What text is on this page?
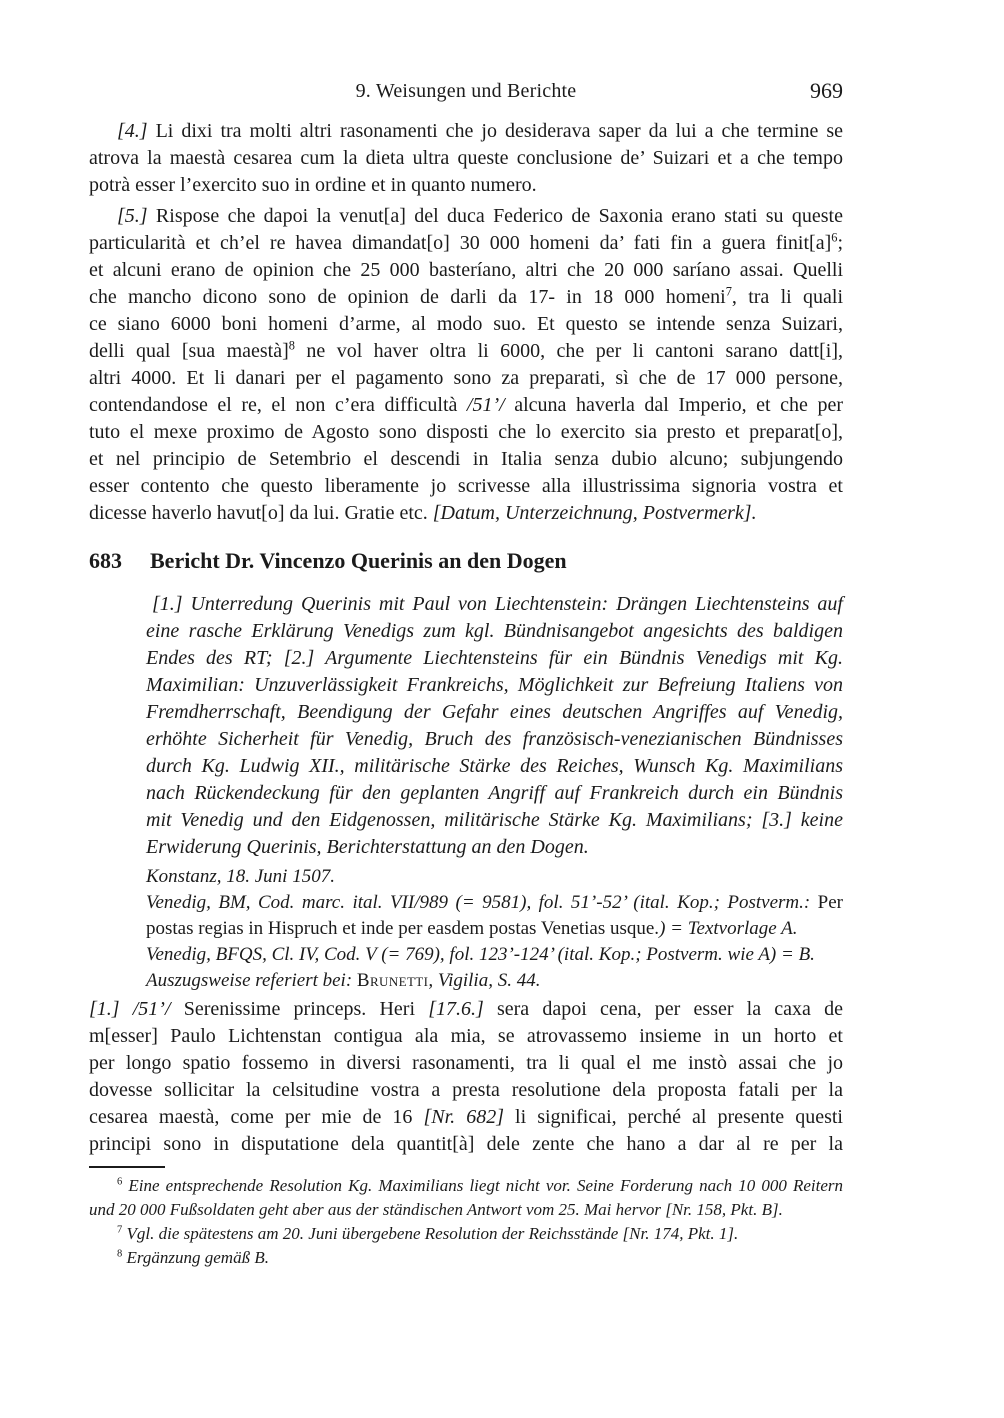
9. Weisungen und Berichte	969
[4.] Li dixi tra molti altri rasonamenti che jo desiderava saper da lui a che termine se
atrova la maestà cesarea cum la dieta ultra queste conclusione de’ Suizari et a che tempo
potrà esser l’exercito suo in ordine et in quanto numero.
[5.] Rispose che dapoi la venut[a] del duca Federico de Saxonia erano stati su queste
particularità et ch’el re havea dimandat[o] 30 000 homeni da’ fati fin a guera $finit[a]^6$;
et alcuni erano de opinion che 25 000 basteríano, altri che 20 000 saríano assai. Quelli
che mancho dicono sono de opinion de darli da 17- in 18 000 homeni$^7$, tra li quali
ce siano 6000 boni homeni d’arme, al modo suo. Et questo se intende senza Suizari,
delli qual [sua maestà]$^8$ ne vol haver oltra li 6000, che per li cantoni sarano datt[i],
altri 4000. Et li danari per el pagamento sono za preparati, sì che de 17 000 persone,
contendandose el re, el non c’era difficultà /51’/ alcuna haverla dal Imperio, et che per
tuto el mexe proximo de Agosto sono disposti che lo exercito sia presto et preparat[o],
et nel principio de Setembrio el descendi in Italia senza dubio alcuno; subjungendo
esser contento che questo liberamente jo scrivesse alla illustrissima signoria vostra et
dicesse haverlo havut[o] da lui. Gratie etc. [Datum, Unterzeichnung, Postvermerk].
683	Bericht Dr. Vincenzo Querinis an den Dogen
[1.] Unterredung Querinis mit Paul von Liechtenstein: Drängen Liechtensteins auf
eine rasche Erklärung Venedigs zum kgl. Bündnisangebot angesichts des baldigen
Endes des RT; [2.] Argumente Liechtensteins für ein Bündnis Venedigs mit Kg.
Maximilian: Unzuverlässigkeit Frankreichs, Möglichkeit zur Befreiung Italiens von
Fremdherrschaft, Beendigung der Gefahr eines deutschen Angriffes auf Venedig,
erhöhte Sicherheit für Venedig, Bruch des französisch-venezianischen Bündnisses
durch Kg. Ludwig XII., militärische Stärke des Reiches, Wunsch Kg. Maximilians
nach Rückendeckung für den geplanten Angriff auf Frankreich durch ein Bündnis
mit Venedig und den Eidgenossen, militärische Stärke Kg. Maximilians; [3.] keine
Erwiderung Querinis, Berichterstattung an den Dogen.
Konstanz, 18. Juni 1507.
Venedig, BM, Cod. marc. ital. VII/989 (= 9581), fol. 51’-52’ (ital. Kop.; Postverm.: Per
postas regias in Hispruch et inde per easdem postas Venetias usque.) = Textvorlage A.
Venedig, BFQS, Cl. IV, Cod. V (= 769), fol. 123’-124’ (ital. Kop.; Postverm. wie A) = B.
Auszugsweise referiert bei: Brunetti, Vigilia, S. 44.
[1.] /51’/ Serenissime princeps. Heri [17.6.] sera dapoi cena, per esser la caxa de
m[esser] Paulo Lichtenstan contigua ala mia, se atrovassemo insieme in un horto et
per longo spatio fossemo in diversi rasonamenti, tra li qual el me instò assai che jo
dovesse sollicitar la celsitudine vostra a presta resolutione dela proposta fatali per la
cesarea maestà, come per mie de 16 [Nr. 682] li significai, perché al presente questi
principi sono in disputatione dela quantit[à] dele zente che hano a dar al re per la
$^6$ Eine entsprechende Resolution Kg. Maximilians liegt nicht vor. Seine Forderung nach 10 000 Reitern
und 20 000 Fußsoldaten geht aber aus der ständischen Antwort vom 25. Mai hervor [Nr. 158, Pkt. B].
$^7$ Vgl. die spätestens am 20. Juni übergebene Resolution der Reichsstände [Nr. 174, Pkt. 1].
$^8$ Ergänzung gemäß B.
